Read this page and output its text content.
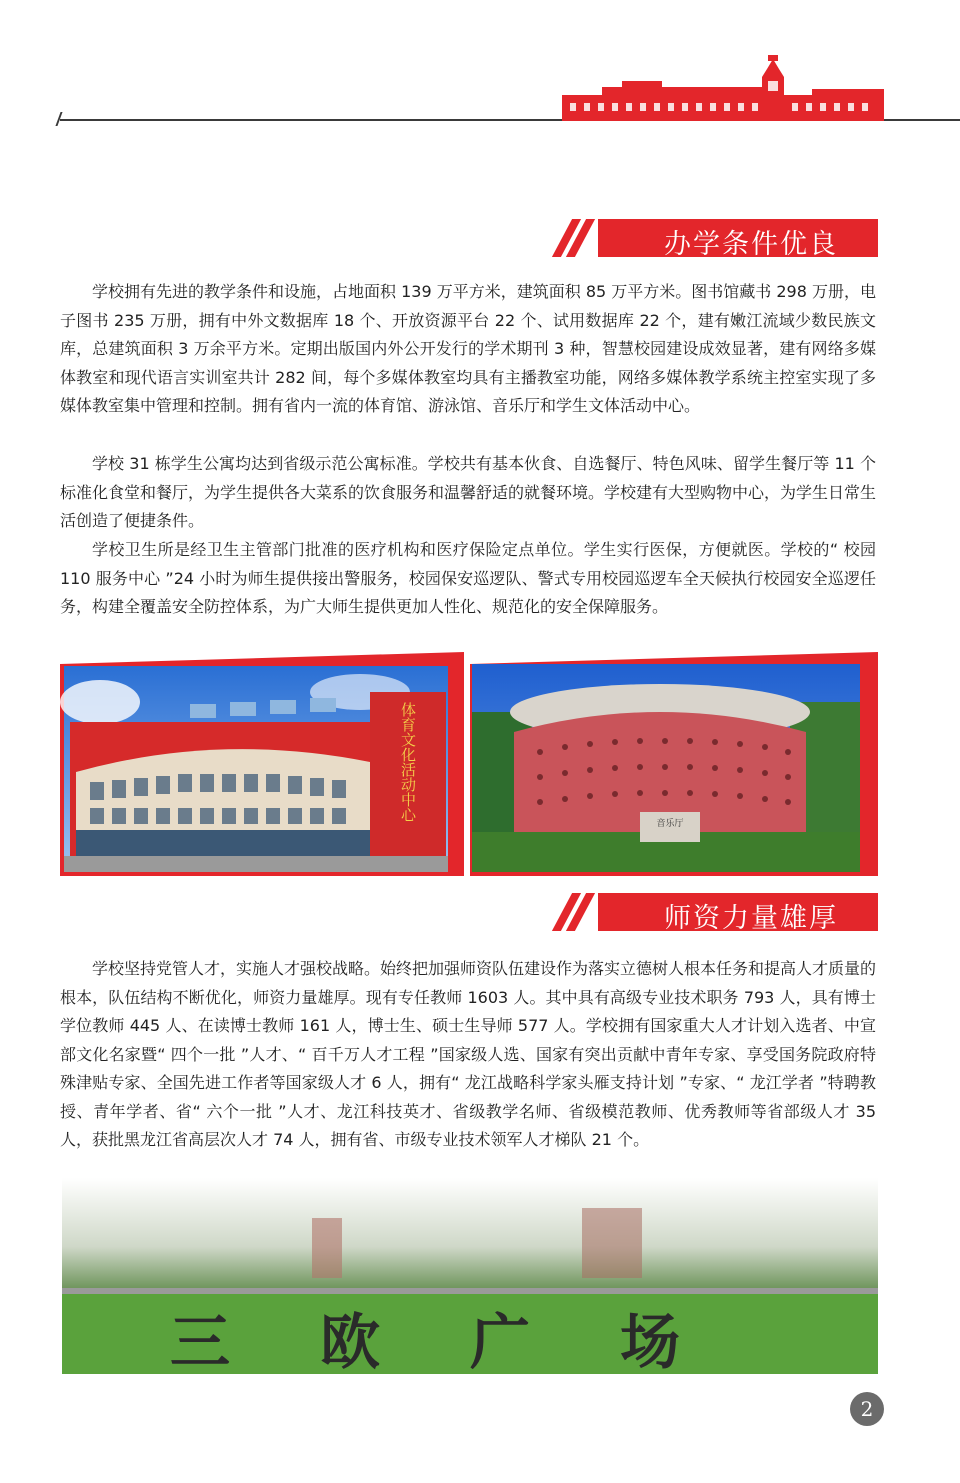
办学条件优良

学校拥有先进的教学条件和设施，占地面积 139 万平方米，建筑面积 85 万平方米。图书馆藏书 298 万册，电子图书 235 万册，拥有中外文数据库 18 个、开放资源平台 22 个、试用数据库 22 个，建有嫩江流域少数民族文库，总建筑面积 3 万余平方米。定期出版国内外公开发行的学术期刊 3 种，智慧校园建设成效显著，建有网络多媒体教室和现代语言实训室共计 282 间，每个多媒体教室均具有主播教室功能，网络多媒体教学系统主控室实现了多媒体教室集中管理和控制。拥有省内一流的体育馆、游泳馆、音乐厅和学生文体活动中心。

学校 31 栋学生公寓均达到省级示范公寓标准。学校共有基本伙食、自选餐厅、特色风味、留学生餐厅等 11 个标准化食堂和餐厅，为学生提供各大菜系的饮食服务和温馨舒适的就餐环境。学校建有大型购物中心，为学生日常生活创造了便捷条件。

学校卫生所是经卫生主管部门批准的医疗机构和医疗保险定点单位。学生实行医保，方便就医。学校的“ 校园 110 服务中心 ”24 小时为师生提供接出警服务，校园保安巡逻队、警式专用校园巡逻车全天候执行校园安全巡逻任务，构建全覆盖安全防控体系，为广大师生提供更加人性化、规范化的安全保障服务。

体育文化活动中心
音乐厅
师资力量雄厚

学校坚持党管人才，实施人才强校战略。始终把加强师资队伍建设作为落实立德树人根本任务和提高人才质量的根本，队伍结构不断优化，师资力量雄厚。现有专任教师 1603 人。其中具有高级专业技术职务 793 人，具有博士学位教师 445 人、在读博士教师 161 人，博士生、硕士生导师 577 人。学校拥有国家重大人才计划入选者、中宣部文化名家暨“ 四个一批 ”人才、“ 百千万人才工程 ”国家级人选、国家有突出贡献中青年专家、享受国务院政府特殊津贴专家、全国先进工作者等国家级人才 6 人，拥有“ 龙江战略科学家头雁支持计划 ”专家、“ 龙江学者 ”特聘教授、青年学者、省“ 六个一批 ”人才、龙江科技英才、省级教学名师、省级模范教师、优秀教师等省部级人才 35 人，获批黑龙江省高层次人才 74 人，拥有省、市级专业技术领军人才梯队 21 个。

三欧广场
2
